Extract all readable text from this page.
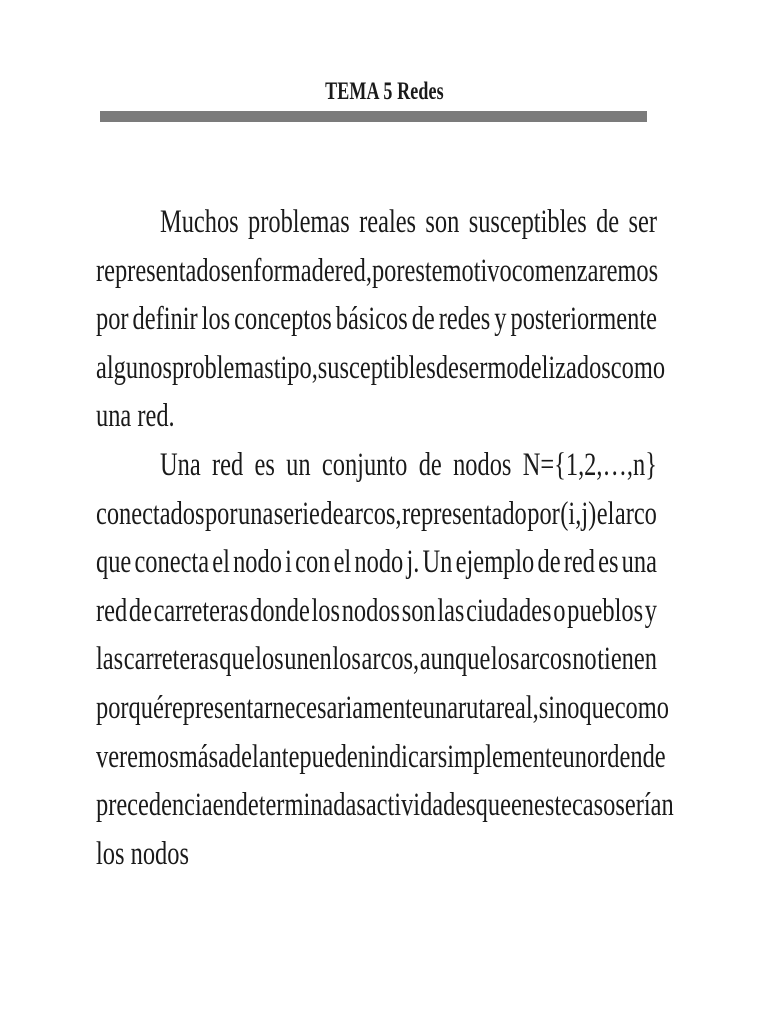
TEMA 5 Redes
Muchos problemas reales son susceptibles de ser
representados en forma de red, por este motivo comenzaremos
por definir los conceptos básicos de redes y posteriormente
algunos problemas tipo, susceptibles de ser modelizados como
una red.
Una red es un conjunto de nodos N={1,2,…,n}
conectados por una serie de arcos, representado por (i,j) el arco
que conecta el nodo i con el nodo j. Un ejemplo de red es una
red de carreteras donde los nodos son las ciudades o pueblos y
las carreteras que los unen los arcos, aunque los arcos no tienen
porqué representar necesariamente una ruta real, sino que como
veremos más adelante pueden indicar simplemente un orden de
precedencia en determinadas actividades que en este caso serían
los nodos
